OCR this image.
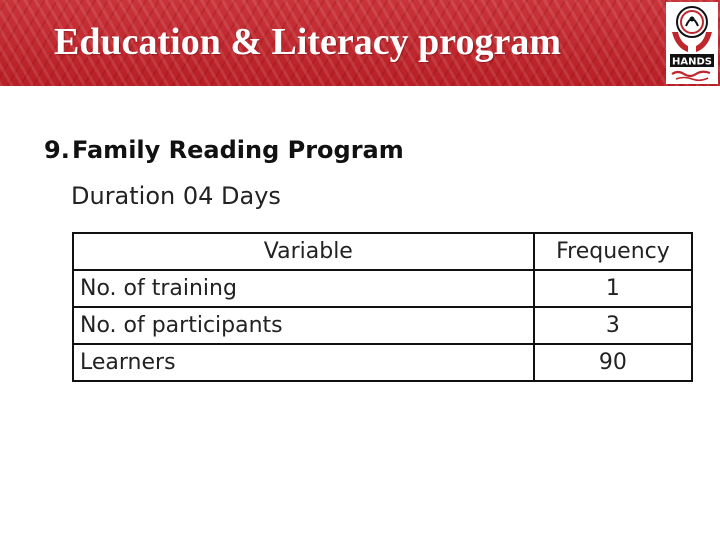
Education & Literacy program	HANDS
9.Family Reading Program
Duration 04 Days
Variable	Frequency
No. of training	1
No. of participants	3
Learners	90
